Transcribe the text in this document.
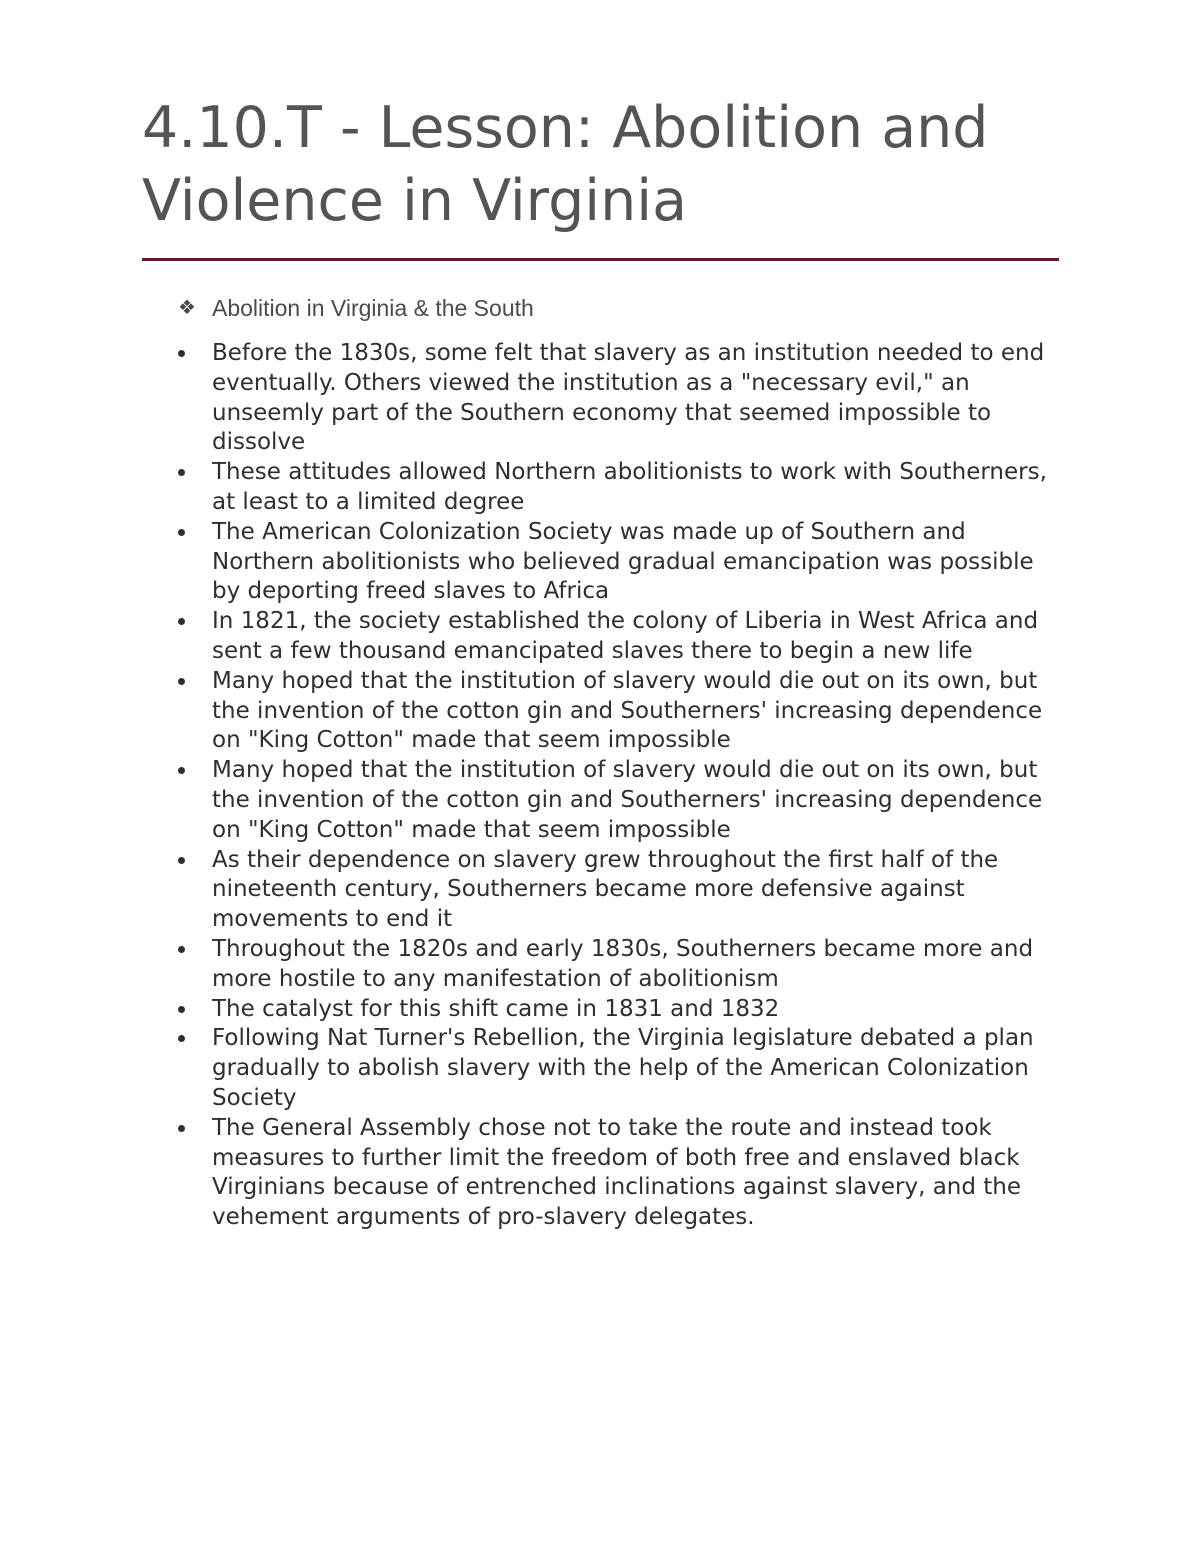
4.10.T - Lesson: Abolition and Violence in Virginia
❖ Abolition in Virginia & the South
Before the 1830s, some felt that slavery as an institution needed to end eventually. Others viewed the institution as a "necessary evil," an unseemly part of the Southern economy that seemed impossible to dissolve
These attitudes allowed Northern abolitionists to work with Southerners, at least to a limited degree
The American Colonization Society was made up of Southern and Northern abolitionists who believed gradual emancipation was possible by deporting freed slaves to Africa
In 1821, the society established the colony of Liberia in West Africa and sent a few thousand emancipated slaves there to begin a new life
Many hoped that the institution of slavery would die out on its own, but the invention of the cotton gin and Southerners' increasing dependence on "King Cotton" made that seem impossible
Many hoped that the institution of slavery would die out on its own, but the invention of the cotton gin and Southerners' increasing dependence on "King Cotton" made that seem impossible
As their dependence on slavery grew throughout the first half of the nineteenth century, Southerners became more defensive against movements to end it
Throughout the 1820s and early 1830s, Southerners became more and more hostile to any manifestation of abolitionism
The catalyst for this shift came in 1831 and 1832
Following Nat Turner's Rebellion, the Virginia legislature debated a plan gradually to abolish slavery with the help of the American Colonization Society
The General Assembly chose not to take the route and instead took measures to further limit the freedom of both free and enslaved black Virginians because of entrenched inclinations against slavery, and the vehement arguments of pro-slavery delegates.
